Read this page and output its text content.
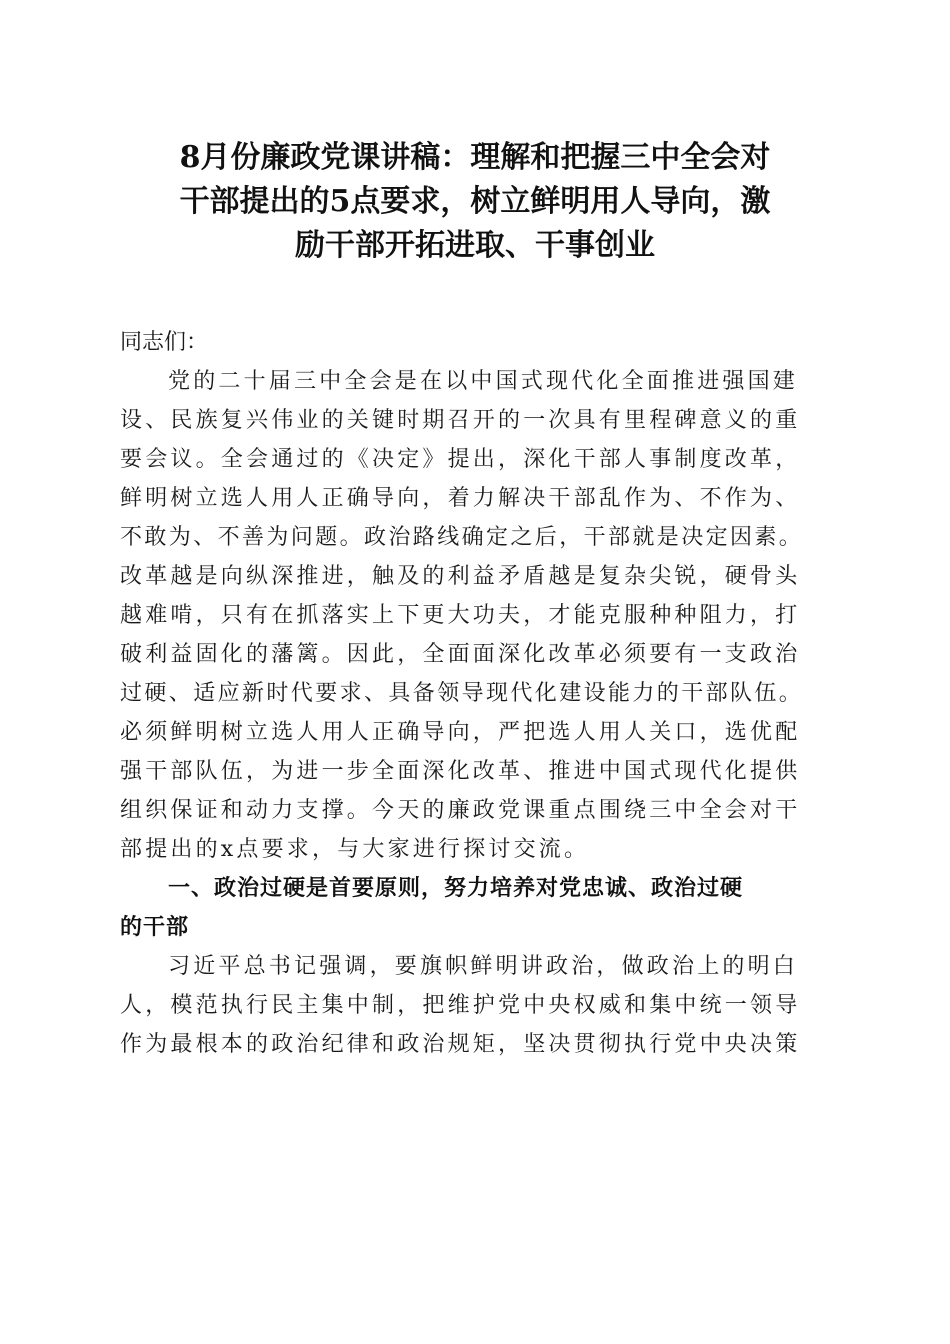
8月份廉政党课讲稿：理解和把握三中全会对
干部提出的5点要求，树立鲜明用人导向，激
励干部开拓进取、干事创业
同志们：
党的二十届三中全会是在以中国式现代化全面推进强国建
设、民族复兴伟业的关键时期召开的一次具有里程碑意义的重
要会议。全会通过的《决定》提出，深化干部人事制度改革，
鲜明树立选人用人正确导向，着力解决干部乱作为、不作为、
不敢为、不善为问题。政治路线确定之后，干部就是决定因素。
改革越是向纵深推进，触及的利益矛盾越是复杂尖锐，硬骨头
越难啃，只有在抓落实上下更大功夫，才能克服种种阻力，打
破利益固化的藩篱。因此，全面面深化改革必须要有一支政治
过硬、适应新时代要求、具备领导现代化建设能力的干部队伍。
必须鲜明树立选人用人正确导向，严把选人用人关口，选优配
强干部队伍，为进一步全面深化改革、推进中国式现代化提供
组织保证和动力支撑。今天的廉政党课重点围绕三中全会对干
部提出的x点要求，与大家进行探讨交流。
一、政治过硬是首要原则，努力培养对党忠诚、政治过硬
的干部
习近平总书记强调，要旗帜鲜明讲政治，做政治上的明白
人，模范执行民主集中制，把维护党中央权威和集中统一领导
作为最根本的政治纪律和政治规矩，坚决贯彻执行党中央决策
